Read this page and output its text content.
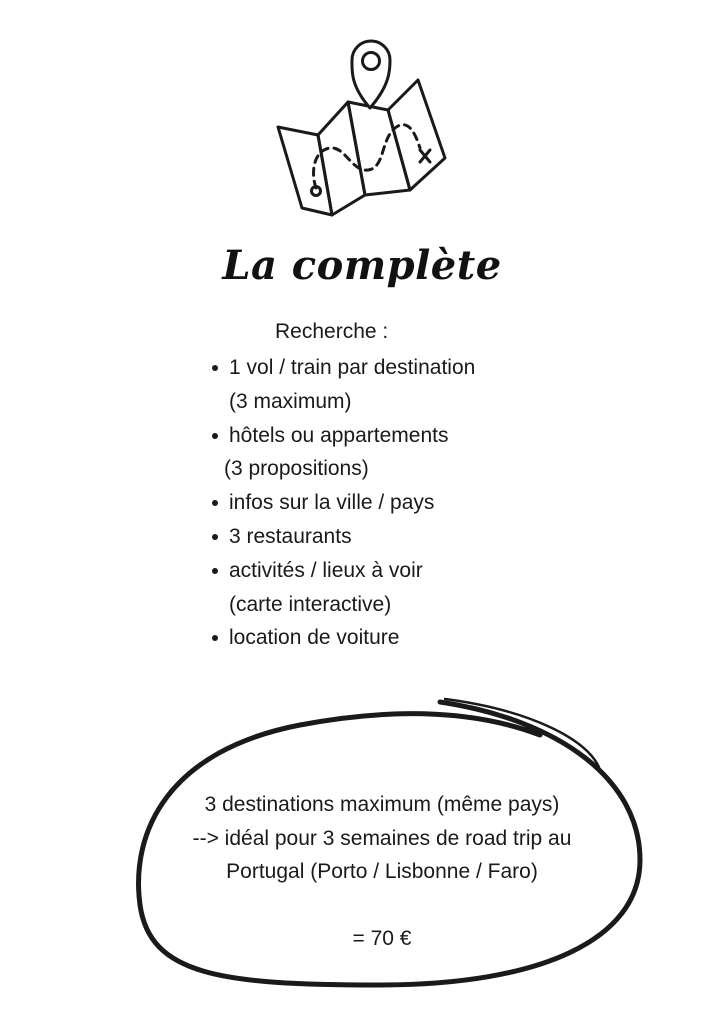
La complète
Recherche :
1 vol / train par destination
(3 maximum)
hôtels ou appartements
(3 propositions)
infos sur la ville / pays
3 restaurants
activités / lieux à voir
(carte interactive)
location de voiture
3 destinations maximum (même pays)
--> idéal pour 3 semaines de road trip au
Portugal (Porto / Lisbonne / Faro)
= 70 €
